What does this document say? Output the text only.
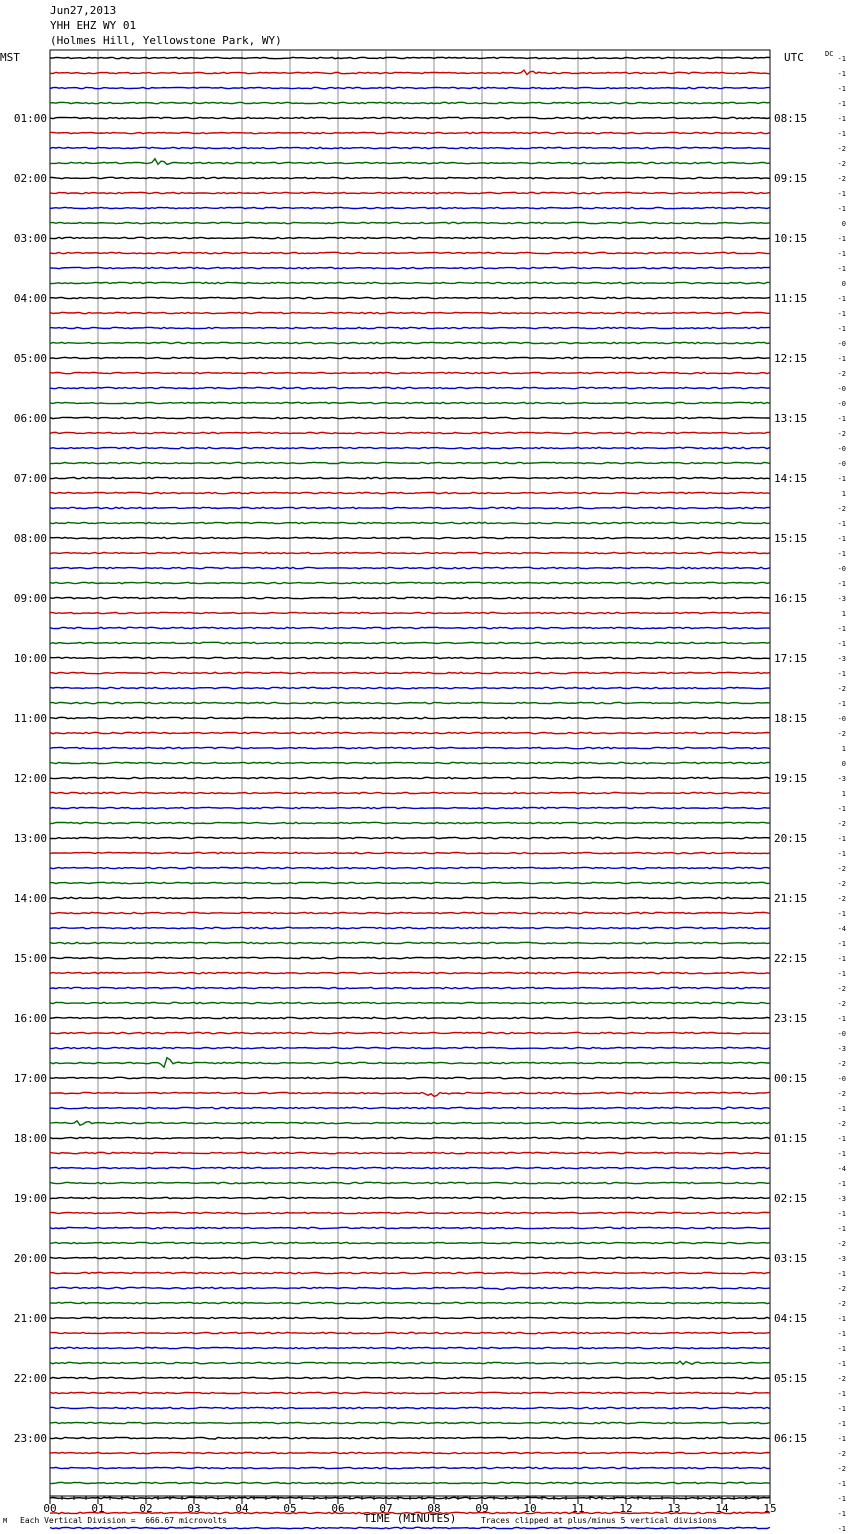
Jun27,2013
YHH EHZ WY 01
(Holmes Hill, Yellowstone Park, WY)
-1
-1
-1
-1
-1
-1
-2
-2
-2
-1
-1
0
-1
-1
-1
0
-1
-1
-1
-0
-1
-2
-0
-0
-1
-2
-0
-0
-1
1
-2
-1
-1
-1
-0
-1
-3
1
-1
-1
-3
-1
-2
-1
-0
-2
1
0
-3
1
-1
-2
-1
-1
-2
-2
-2
-1
-4
-1
-1
-1
-2
-2
-1
-0
-3
-2
-0
-2
-1
-2
-1
-1
-4
-1
-3
-1
-1
-2
-3
-1
-2
-2
-1
-1
-1
-1
-2
-1
-1
-1
-1
-2
-2
-1
-1
-1
-1
01:00
02:00
03:00
04:00
05:00
06:00
07:00
08:00
09:00
10:00
11:00
12:00
13:00
14:00
15:00
16:00
17:00
18:00
19:00
20:00
21:00
22:00
23:00
08:15
09:15
10:15
11:15
12:15
13:15
14:15
15:15
16:15
17:15
18:15
19:15
20:15
21:15
22:15
23:15
00:15
01:15
02:15
03:15
04:15
05:15
06:15
MST	UTC	DC
00	01	02	03	04	05	06	07	08	09	10	11	12	13	14	15
TIME (MINUTES)
M Each Vertical Division =  666.67 microvolts	Traces clipped at plus/minus 5 vertical divisions
